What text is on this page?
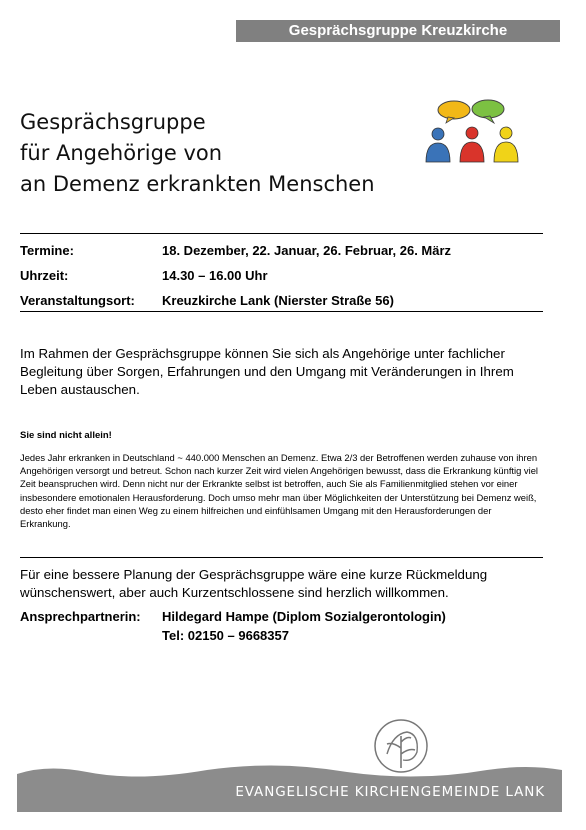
Gesprächsgruppe Kreuzkirche
Gesprächsgruppe
für Angehörige von
an Demenz erkrankten Menschen
Termine:	18. Dezember, 22. Januar, 26. Februar, 26. März
Uhrzeit:	14.30 – 16.00 Uhr
Veranstaltungsort: Kreuzkirche Lank (Nierster Straße 56)
Im Rahmen der Gesprächsgruppe können Sie sich als Angehörige unter fachlicher Begleitung über Sorgen, Erfahrungen und den Umgang mit Veränderungen in Ihrem Leben austauschen.
Sie sind nicht allein!
Jedes Jahr erkranken in Deutschland ~ 440.000 Menschen an Demenz. Etwa 2/3 der Betroffenen werden zuhause von ihren Angehörigen versorgt und betreut. Schon nach kurzer Zeit wird vielen Angehörigen bewusst, dass die Erkrankung künftig viel Zeit beanspruchen wird. Denn nicht nur der Erkrankte selbst ist betroffen, auch Sie als Familienmitglied stehen vor einer insbesondere emotionalen Herausforderung. Doch umso mehr man über Möglichkeiten der Unterstützung bei Demenz weiß, desto eher findet man einen Weg zu einem hilfreichen und einfühlsamen Umgang mit den Herausforderungen der Erkrankung.
Für eine bessere Planung der Gesprächsgruppe wäre eine kurze Rückmeldung wünschenswert, aber auch Kurzentschlossene sind herzlich willkommen.
Ansprechpartnerin: Hildegard Hampe (Diplom Sozialgerontologin)
Tel: 02150 – 9668357
EVANGELISCHE KIRCHENGEMEINDE LANK
